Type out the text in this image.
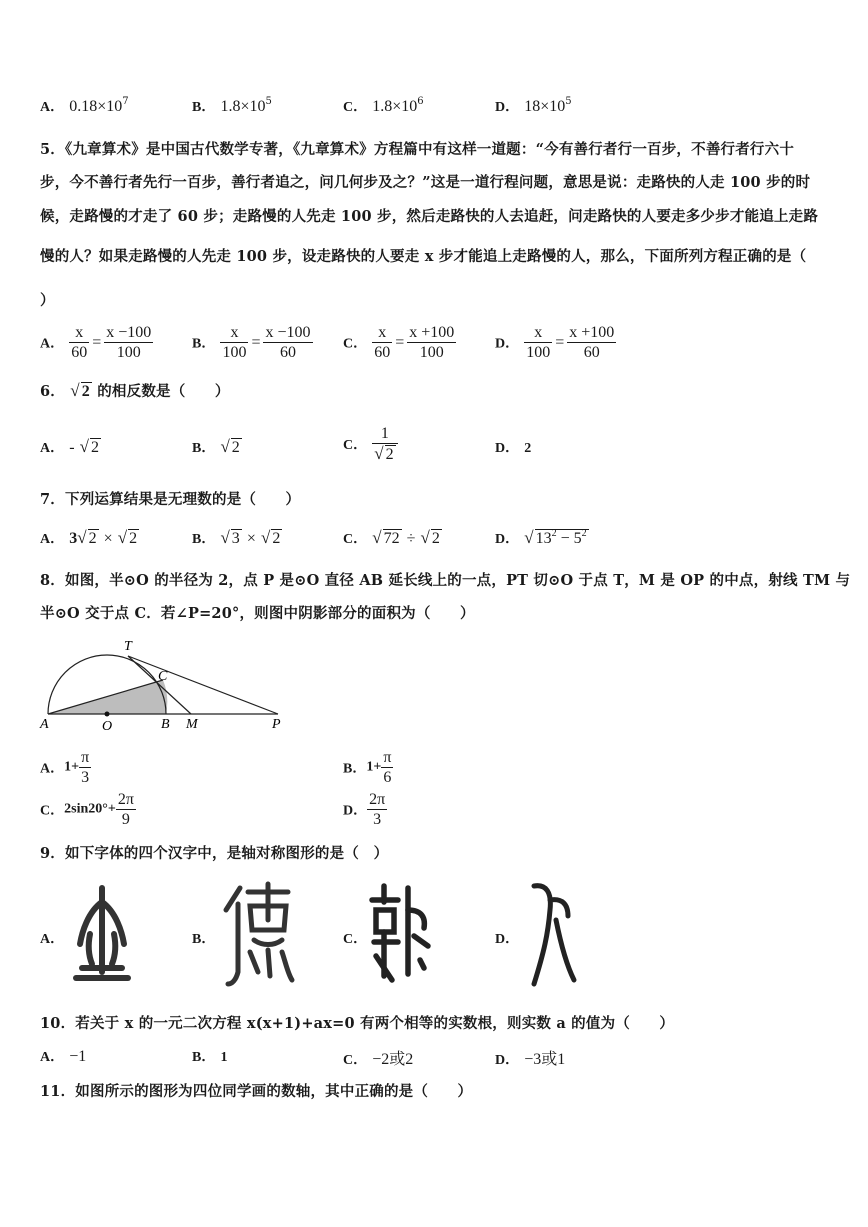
A． $0.18\times 10^7$	B． $1.8\times 10^5$	C． $1.8\times 10^6$	D． $18\times 10^5$
5．《九章算术》是中国古代数学专著，《九章算术》方程篇中有这样一道题：“今有善行者行一百步，不善行者行六十
步，今不善行者先行一百步，善行者追之，问几何步及之？”这是一道行程问题，意思是说：走路快的人走 100 步的时
候，走路慢的才走了 60 步；走路慢的人先走 100 步，然后走路快的人去追赶，问走路快的人要走多少步才能追上走路
慢的人？如果走路慢的人先走 100 步，设走路快的人要走 x 步才能追上走路慢的人，那么，下面所列方程正确的是（
）
A． $\frac{x}{60} = \frac{x -100}{100}$	B． $\frac{x}{100} = \frac{x -100}{60}$ C． $\frac{x}{60} = \frac{x +100}{100}$	D． $\frac{x}{100} = \frac{x +100}{60}$
6． √ 2 的相反数是（　　）
A． - √ 2	B． √ 2	C． $\frac{1}{√ 2}$	D． 2
7．下列运算结果是无理数的是（　　）
A． 3√ 2 × √ 2	B． √ 3 × √ 2	C． √ 72 ÷ √ 2	D． √ $13^2 - 5^2$
8．如图，半⊙O 的半径为 2，点 P 是⊙O 直径 AB 延长线上的一点，PT 切⊙O 于点 T，M 是 OP 的中点，射线 TM 与
半⊙O 交于点 C．若∠P=20°，则图中阴影部分的面积为（　　）
T
C
A	O	B M	P
A．$1+ \frac{\pi}{3}$	B．$1+ \frac{\pi}{6}$
C．$2\sin 20^\circ+ \frac{2\pi}{9}$	D． $\frac{2\pi}{3}$
9．如下字体的四个汉字中，是轴对称图形的是（　）
A．	B．	C．	D．
10．若关于 x 的一元二次方程 x(x+1)+ax=0 有两个相等的实数根，则实数 a 的值为（　　）
A． −1	B． 1	C． −2或2	D． −3或1
11．如图所示的图形为四位同学画的数轴，其中正确的是（　　）
